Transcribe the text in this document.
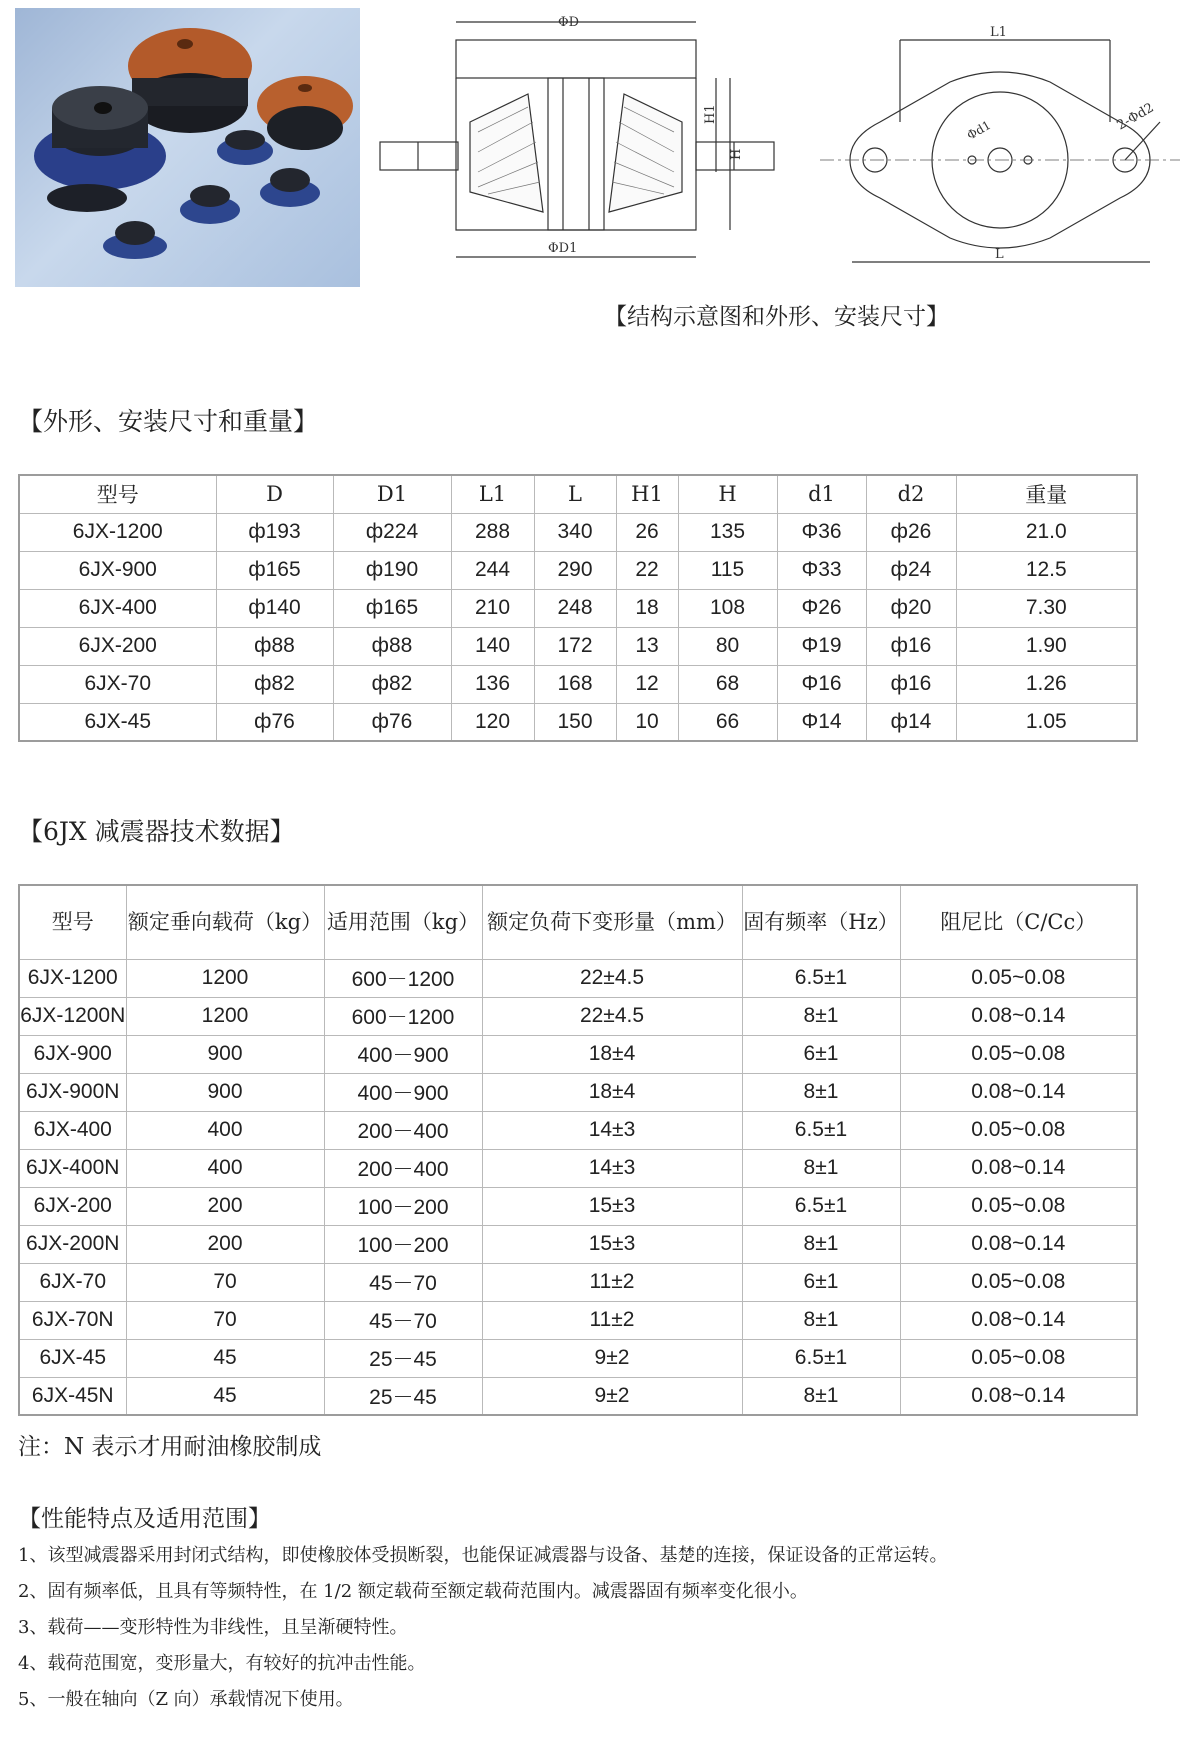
ΦD
ΦD1
H1
H
L1
L
Φd1	2-Φd2
【结构示意图和外形、安装尺寸】
【外形、安装尺寸和重量】
型号	D	D1	L1	L	H1	H	d1	d2	重量
6JX-1200	ф193	ф224	288	340	26	135	Φ36	ф26	21.0
6JX-900	ф165	ф190	244	290	22	115	Φ33	ф24	12.5
6JX-400	ф140	ф165	210	248	18	108	Φ26	ф20	7.30
6JX-200	ф88	ф88	140	172	13	80	Φ19	ф16	1.90
6JX-70	ф82	ф82	136	168	12	68	Φ16	ф16	1.26
6JX-45	ф76	ф76	120	150	10	66	Φ14	ф14	1.05
【6JX 减震器技术数据】
型号	额定垂向载荷（kg）	适用范围（kg）	额定负荷下变形量（mm）	固有频率（Hz）	阻尼比（C/Cc）
6JX-1200	1200	600－1200	22±4.5	6.5±1	0.05~0.08
6JX-1200N	1200	600－1200	22±4.5	8±1	0.08~0.14
6JX-900	900	400－900	18±4	6±1	0.05~0.08
6JX-900N	900	400－900	18±4	8±1	0.08~0.14
6JX-400	400	200－400	14±3	6.5±1	0.05~0.08
6JX-400N	400	200－400	14±3	8±1	0.08~0.14
6JX-200	200	100－200	15±3	6.5±1	0.05~0.08
6JX-200N	200	100－200	15±3	8±1	0.08~0.14
6JX-70	70	45－70	11±2	6±1	0.05~0.08
6JX-70N	70	45－70	11±2	8±1	0.08~0.14
6JX-45	45	25－45	9±2	6.5±1	0.05~0.08
6JX-45N	45	25－45	9±2	8±1	0.08~0.14
注：N 表示才用耐油橡胶制成
【性能特点及适用范围】
1、该型减震器采用封闭式结构，即使橡胶体受损断裂，也能保证减震器与设备、基楚的连接，保证设备的正常运转。
2、固有频率低，且具有等频特性，在 1/2 额定载荷至额定载荷范围内。减震器固有频率变化很小。
3、载荷——变形特性为非线性，且呈渐硬特性。
4、载荷范围宽，变形量大，有较好的抗冲击性能。
5、一般在轴向（Z 向）承载情况下使用。
